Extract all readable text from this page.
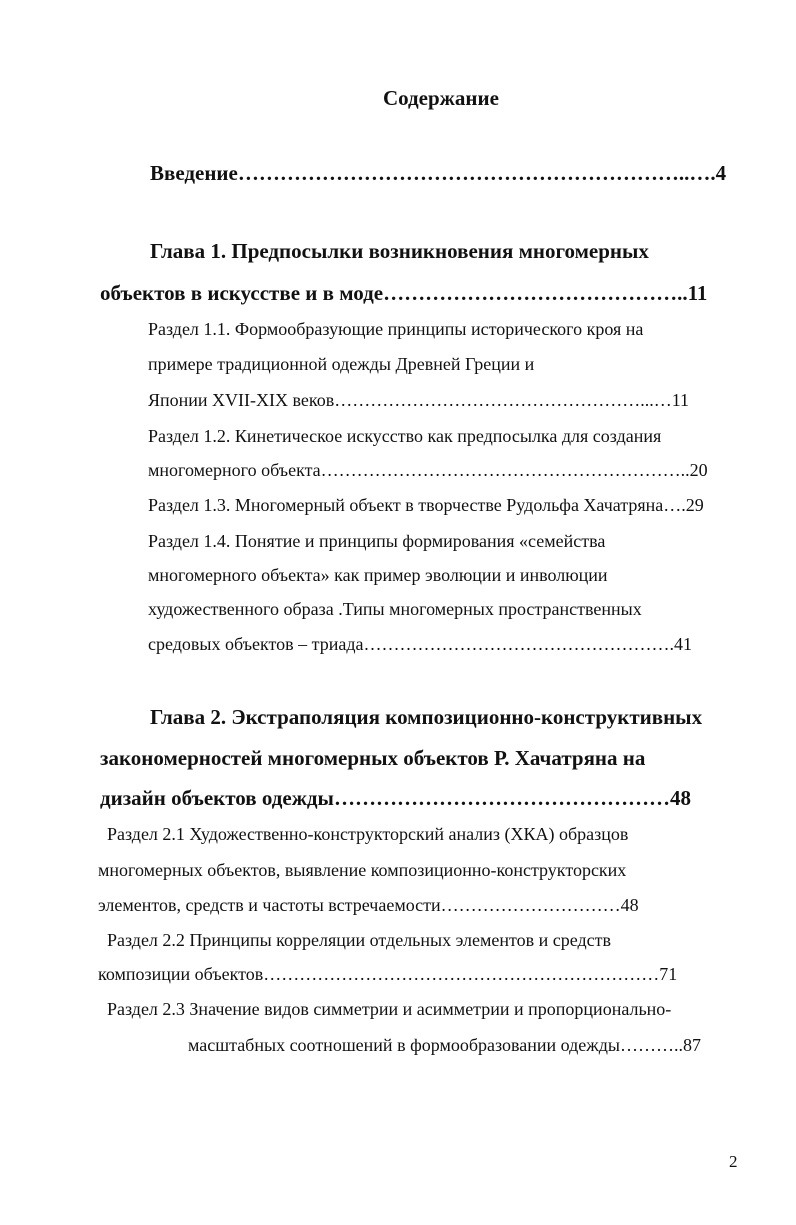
Содержание
Введение………………………………………………………..….4
Глава 1. Предпосылки возникновения многомерных
объектов в искусстве и в моде……………………………………..11
Раздел 1.1. Формообразующие принципы исторического кроя на
примере традиционной одежды Древней Греции и
Японии XVII-XIX веков……………………………………………...…11
Раздел 1.2. Кинетическое искусство как предпосылка для создания
многомерного объекта……………………………………………………..20
Раздел 1.3. Многомерный объект в творчестве Рудольфа Хачатряна….29
Раздел 1.4. Понятие и принципы формирования «семейства
многомерного объекта» как пример эволюции и инволюции
художественного образа .Типы многомерных пространственных
средовых объектов – триада…………………………………………….41
Глава 2. Экстраполяция композиционно-конструктивных
закономерностей многомерных объектов Р. Хачатряна на
дизайн объектов одежды…………………………………………48
Раздел 2.1 Художественно-конструкторский анализ (ХКА) образцов
многомерных объектов, выявление композиционно-конструкторских
элементов, средств и частоты встречаемости…………………………48
Раздел 2.2 Принципы корреляции отдельных элементов и средств
композиции объектов…………………………………………………………71
Раздел 2.3 Значение видов симметрии и асимметрии и пропорционально-
масштабных соотношений в формообразовании одежды………..87
2
